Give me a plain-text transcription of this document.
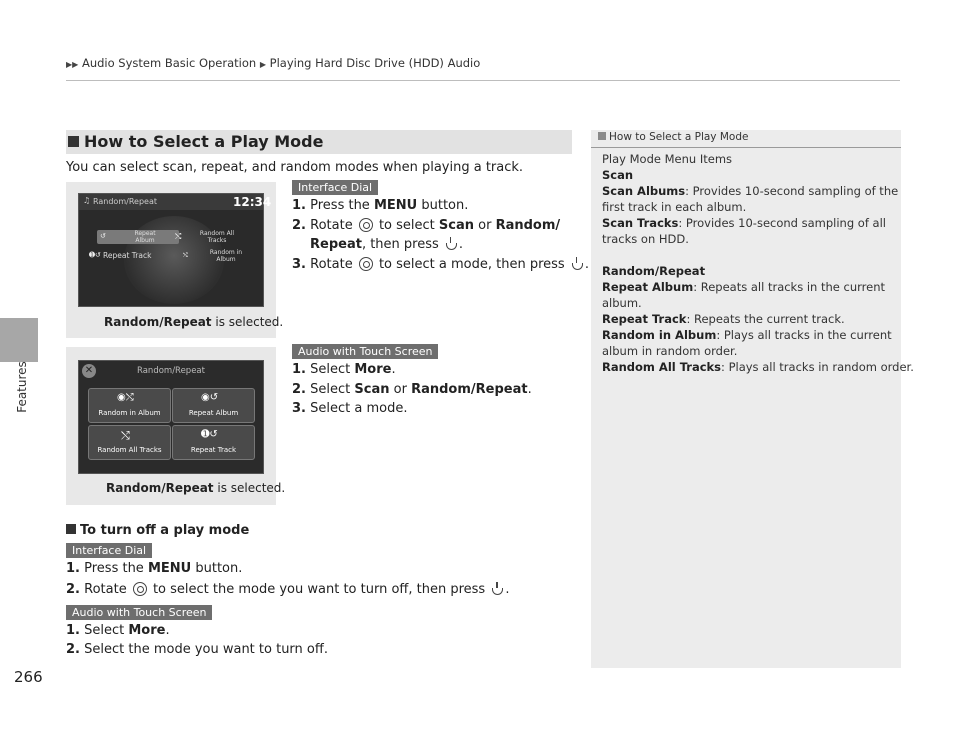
▶▶ Audio System Basic Operation ▶ Playing Hard Disc Drive (HDD) Audio
Features
266
How to Select a Play Mode
You can select scan, repeat, and random modes when playing a track.
♫ Random/Repeat	12:34
↺	Repeat
Album	⤭	Random All
Tracks
➊↺ Repeat Track	⤭	Random in
Album
Random/Repeat is selected.
Interface Dial
1. Press the MENU button.
2. Rotate  to select Scan or Random/
Repeat, then press .
3. Rotate  to select a mode, then press .
✕	Random/Repeat
◉⤭
Random in Album
◉↺
Repeat Album
⤭
Random All Tracks
➊↺
Repeat Track
Random/Repeat is selected.
Audio with Touch Screen
1. Select More.
2. Select Scan or Random/Repeat.
3. Select a mode.
To turn off a play mode
Interface Dial
1. Press the MENU button.
2. Rotate  to select the mode you want to turn off, then press .
Audio with Touch Screen
1. Select More.
2. Select the mode you want to turn off.
How to Select a Play Mode
Play Mode Menu Items
Scan
Scan Albums: Provides 10-second sampling of the
first track in each album.
Scan Tracks: Provides 10-second sampling of all
tracks on HDD.
Random/Repeat
Repeat Album: Repeats all tracks in the current
album.
Repeat Track: Repeats the current track.
Random in Album: Plays all tracks in the current
album in random order.
Random All Tracks: Plays all tracks in random order.
